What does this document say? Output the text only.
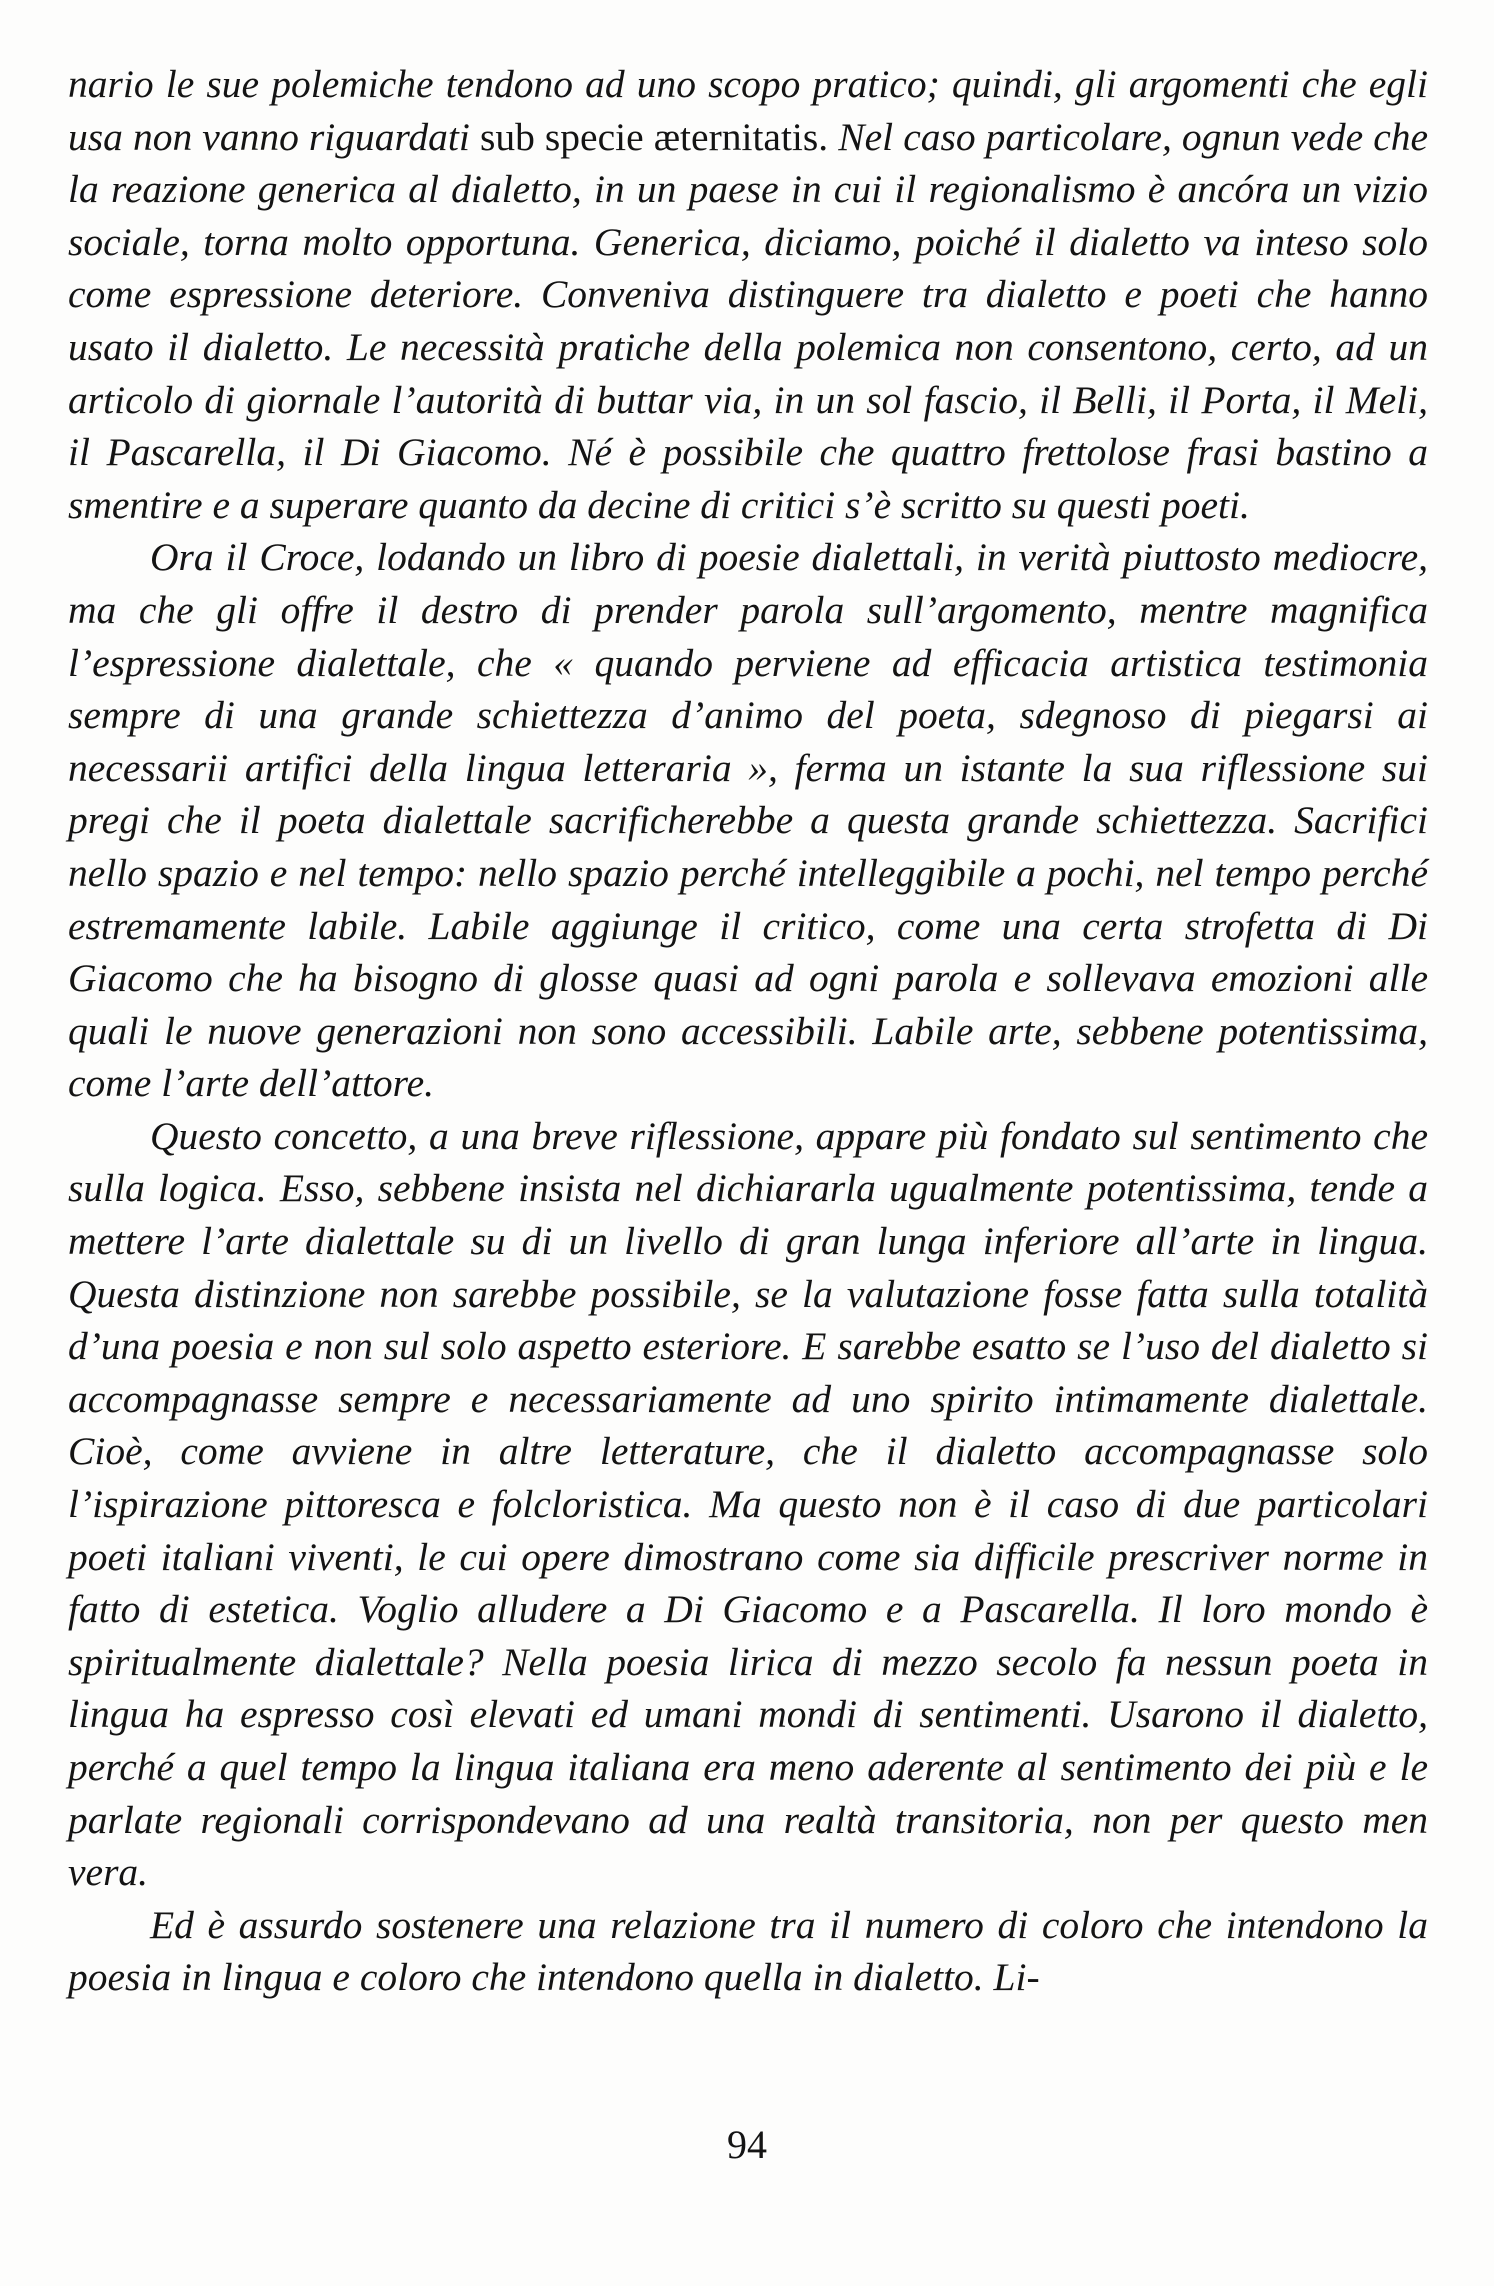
nario le sue polemiche tendono ad uno scopo pratico; quindi, gli argomenti che egli usa non vanno riguardati sub specie æternitatis. Nel caso particolare, ognun vede che la reazione generica al dialetto, in un paese in cui il regionalismo è ancóra un vizio sociale, torna molto opportuna. Generica, diciamo, poiché il dialetto va inteso solo come espressione deteriore. Conveniva distinguere tra dialetto e poeti che hanno usato il dialetto. Le necessità pratiche della polemica non consentono, certo, ad un articolo di giornale l’autorità di buttar via, in un sol fascio, il Belli, il Porta, il Meli, il Pascarella, il Di Giacomo. Né è possibile che quattro frettolose frasi bastino a smentire e a superare quanto da decine di critici s’è scritto su questi poeti.

Ora il Croce, lodando un libro di poesie dialettali, in verità piuttosto mediocre, ma che gli offre il destro di prender parola sull’argomento, mentre magnifica l’espressione dialettale, che « quando perviene ad efficacia artistica testimonia sempre di una grande schiettezza d’animo del poeta, sdegnoso di piegarsi ai necessarii artifici della lingua letteraria », ferma un istante la sua riflessione sui pregi che il poeta dialettale sacrificherebbe a questa grande schiettezza. Sacrifici nello spazio e nel tempo: nello spazio perché intelleggibile a pochi, nel tempo perché estremamente labile. Labile aggiunge il critico, come una certa strofetta di Di Giacomo che ha bisogno di glosse quasi ad ogni parola e sollevava emozioni alle quali le nuove generazioni non sono accessibili. Labile arte, sebbene potentissima, come l’arte dell’attore.

Questo concetto, a una breve riflessione, appare più fondato sul sentimento che sulla logica. Esso, sebbene insista nel dichiararla ugualmente potentissima, tende a mettere l’arte dialettale su di un livello di gran lunga inferiore all’arte in lingua. Questa distinzione non sarebbe possibile, se la valutazione fosse fatta sulla totalità d’una poesia e non sul solo aspetto esteriore. E sarebbe esatto se l’uso del dialetto si accompagnasse sempre e necessariamente ad uno spirito intimamente dialettale. Cioè, come avviene in altre letterature, che il dialetto accompagnasse solo l’ispirazione pittoresca e folcloristica. Ma questo non è il caso di due particolari poeti italiani viventi, le cui opere dimostrano come sia difficile prescriver norme in fatto di estetica. Voglio alludere a Di Giacomo e a Pascarella. Il loro mondo è spiritualmente dialettale? Nella poesia lirica di mezzo secolo fa nessun poeta in lingua ha espresso così elevati ed umani mondi di sentimenti. Usarono il dialetto, perché a quel tempo la lingua italiana era meno aderente al sentimento dei più e le parlate regionali corrispondevano ad una realtà transitoria, non per questo men vera.

Ed è assurdo sostenere una relazione tra il numero di coloro che intendono la poesia in lingua e coloro che intendono quella in dialetto. Li-

94
